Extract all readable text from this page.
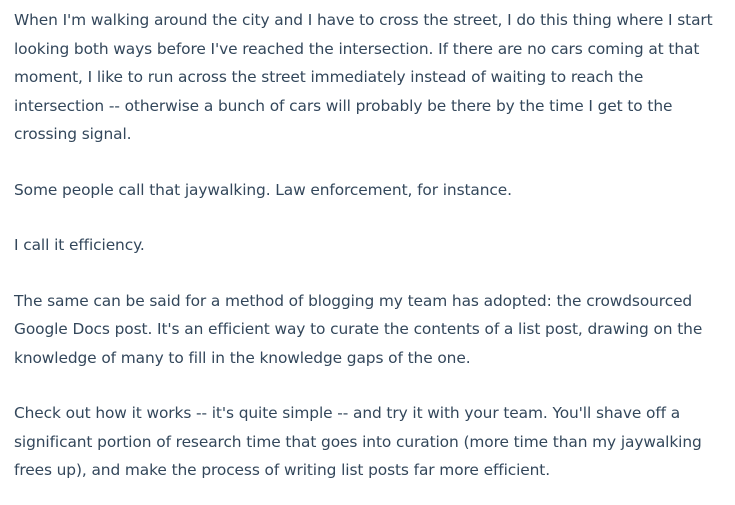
When I'm walking around the city and I have to cross the street, I do this thing where I start looking both ways before I've reached the intersection. If there are no cars coming at that moment, I like to run across the street immediately instead of waiting to reach the intersection -- otherwise a bunch of cars will probably be there by the time I get to the crossing signal.

Some people call that jaywalking. Law enforcement, for instance.

I call it efficiency.

The same can be said for a method of blogging my team has adopted: the crowdsourced Google Docs post. It's an efficient way to curate the contents of a list post, drawing on the knowledge of many to fill in the knowledge gaps of the one.

Check out how it works -- it's quite simple -- and try it with your team. You'll shave off a significant portion of research time that goes into curation (more time than my jaywalking frees up), and make the process of writing list posts far more efficient.
